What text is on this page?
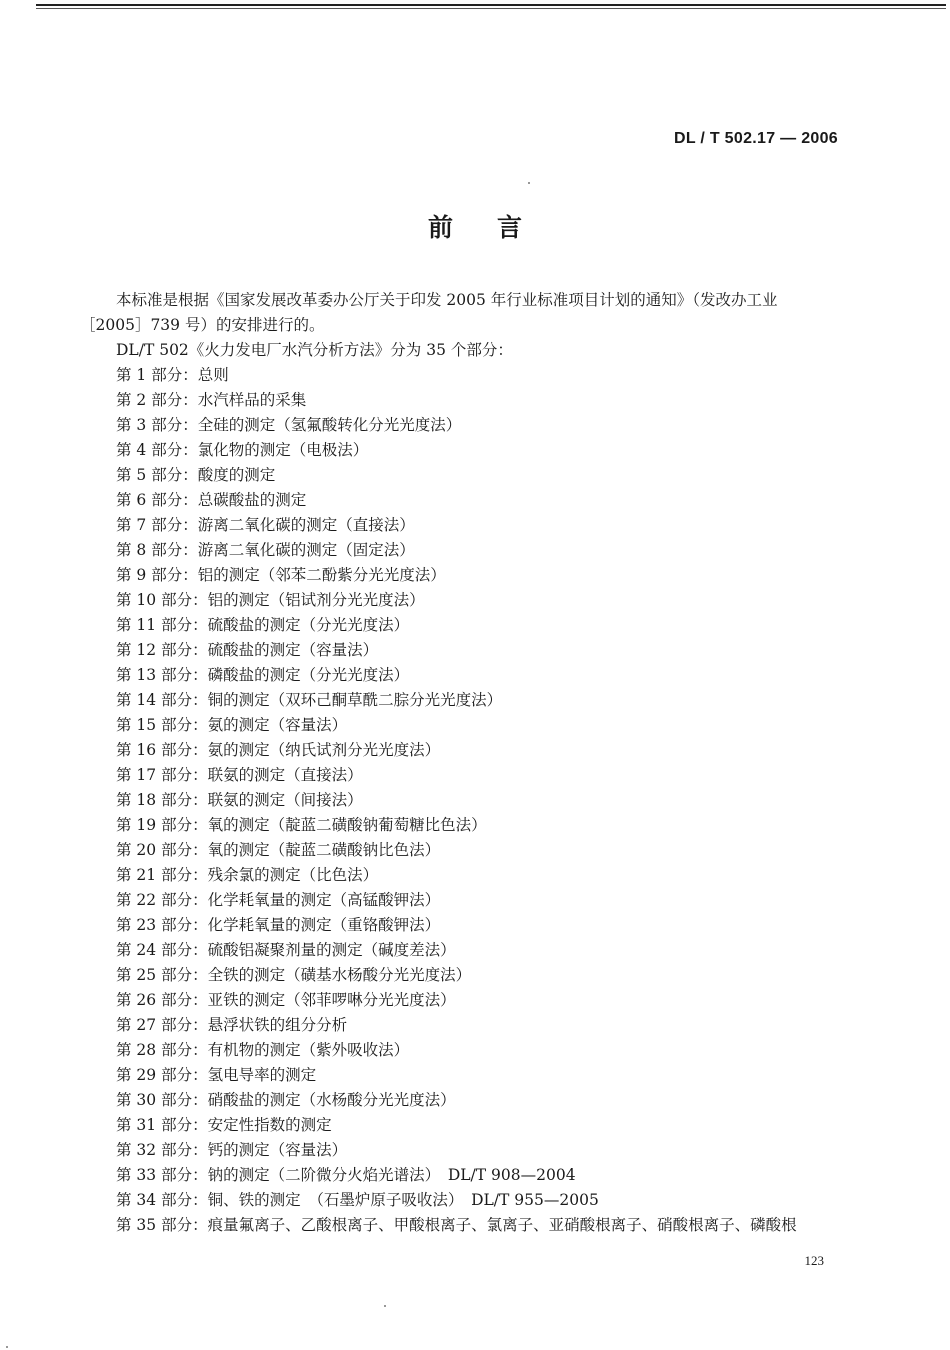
DL / T 502.17 — 2006
前言
本标准是根据《国家发展改革委办公厅关于印发 2005 年行业标准项目计划的通知》（发改办工业［2005］739 号）的安排进行的。
DL/T 502《火力发电厂水汽分析方法》分为 35 个部分：
第 1 部分：总则
第 2 部分：水汽样品的采集
第 3 部分：全硅的测定（氢氟酸转化分光光度法）
第 4 部分：氯化物的测定（电极法）
第 5 部分：酸度的测定
第 6 部分：总碳酸盐的测定
第 7 部分：游离二氧化碳的测定（直接法）
第 8 部分：游离二氧化碳的测定（固定法）
第 9 部分：铝的测定（邻苯二酚紫分光光度法）
第 10 部分：铝的测定（铝试剂分光光度法）
第 11 部分：硫酸盐的测定（分光光度法）
第 12 部分：硫酸盐的测定（容量法）
第 13 部分：磷酸盐的测定（分光光度法）
第 14 部分：铜的测定（双环己酮草酰二腙分光光度法）
第 15 部分：氨的测定（容量法）
第 16 部分：氨的测定（纳氏试剂分光光度法）
第 17 部分：联氨的测定（直接法）
第 18 部分：联氨的测定（间接法）
第 19 部分：氧的测定（靛蓝二磺酸钠葡萄糖比色法）
第 20 部分：氧的测定（靛蓝二磺酸钠比色法）
第 21 部分：残余氯的测定（比色法）
第 22 部分：化学耗氧量的测定（高锰酸钾法）
第 23 部分：化学耗氧量的测定（重铬酸钾法）
第 24 部分：硫酸铝凝聚剂量的测定（碱度差法）
第 25 部分：全铁的测定（磺基水杨酸分光光度法）
第 26 部分：亚铁的测定（邻菲啰啉分光光度法）
第 27 部分：悬浮状铁的组分分析
第 28 部分：有机物的测定（紫外吸收法）
第 29 部分：氢电导率的测定
第 30 部分：硝酸盐的测定（水杨酸分光光度法）
第 31 部分：安定性指数的测定
第 32 部分：钙的测定（容量法）
第 33 部分：钠的测定（二阶微分火焰光谱法）　DL/T 908—2004
第 34 部分：铜、铁的测定　（石墨炉原子吸收法）　DL/T 955—2005
第 35 部分：痕量氟离子、乙酸根离子、甲酸根离子、氯离子、亚硝酸根离子、硝酸根离子、磷酸根
123
